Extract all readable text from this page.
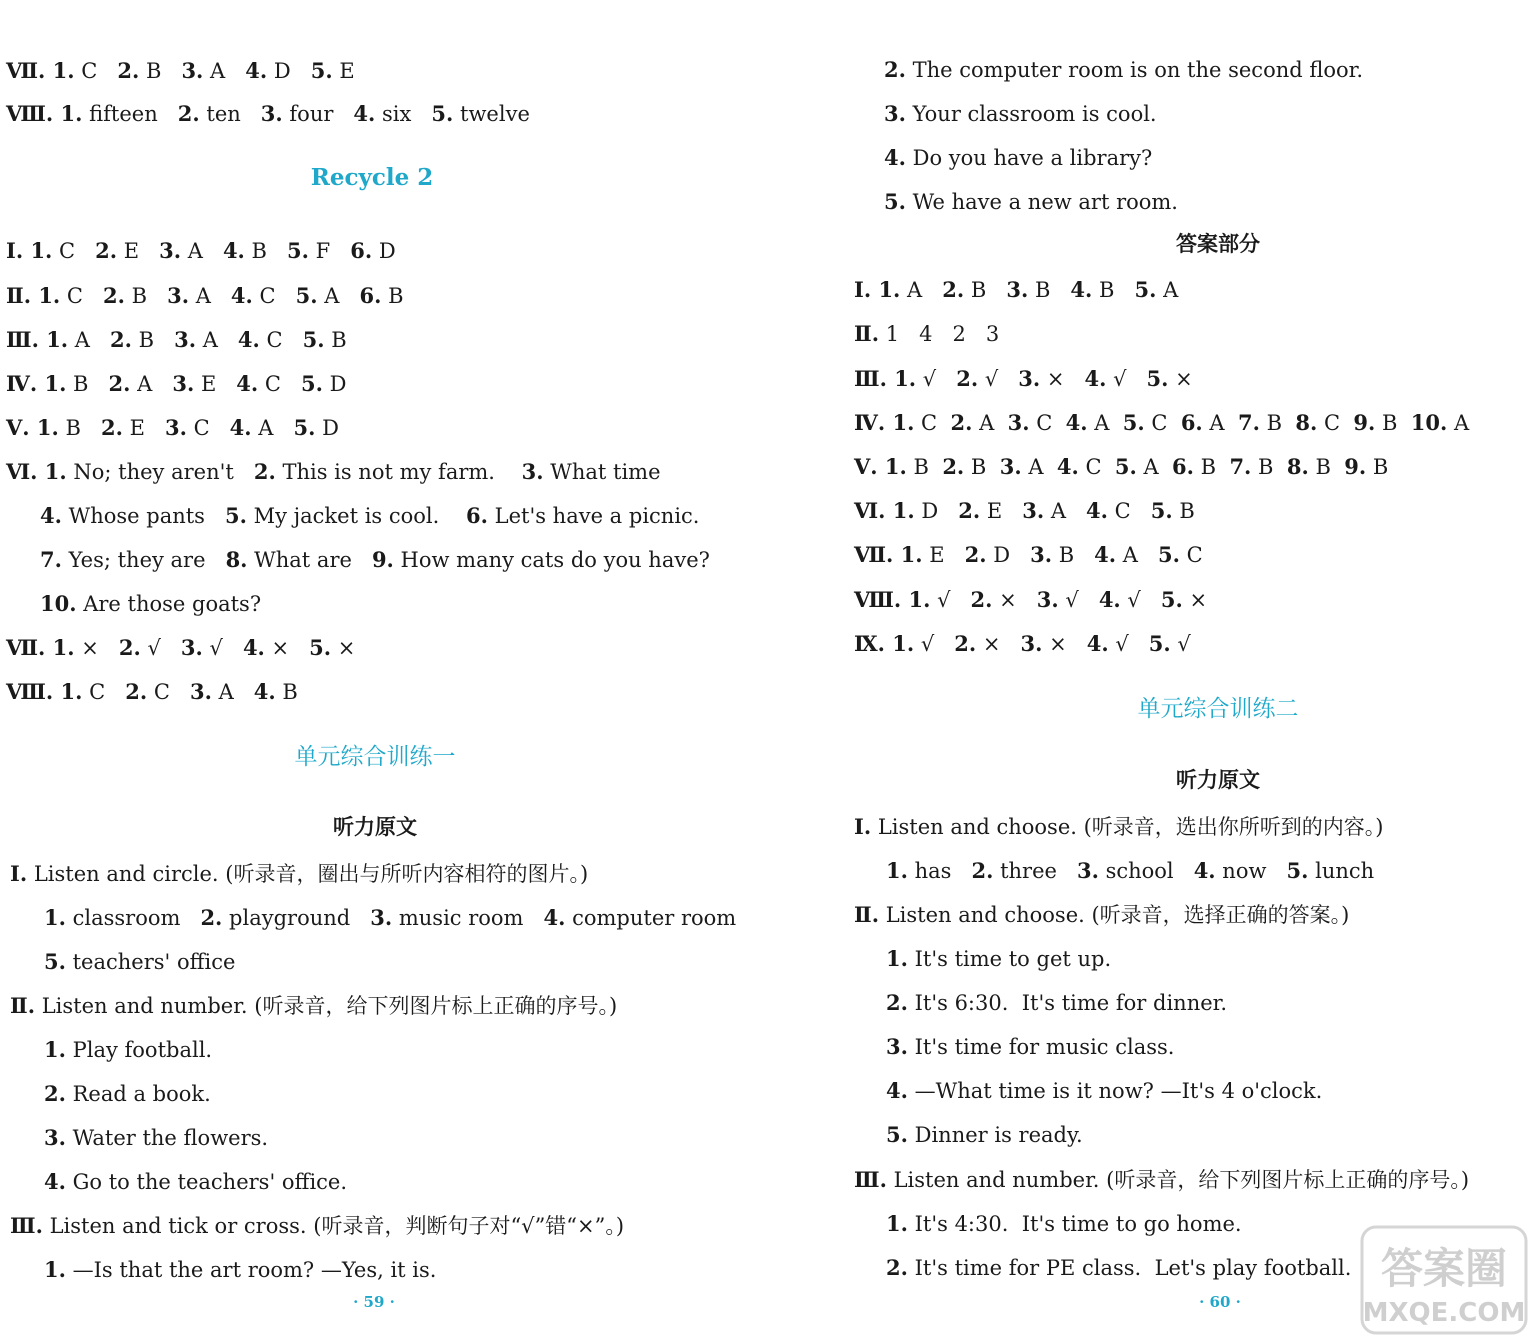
Ⅶ. 1. C   2. B   3. A   4. D   5. E
Ⅷ. 1. fifteen   2. ten   3. four   4. six   5. twelve
Ⅰ. 1. C   2. E   3. A   4. B   5. F   6. D
Ⅱ. 1. C   2. B   3. A   4. C   5. A   6. B
Ⅲ. 1. A   2. B   3. A   4. C   5. B
Ⅳ. 1. B   2. A   3. E   4. C   5. D
Ⅴ. 1. B   2. E   3. C   4. A   5. D
Ⅵ. 1. No; they aren't   2. This is not my farm.    3. What time
4. Whose pants   5. My jacket is cool.    6. Let's have a picnic.
7. Yes; they are   8. What are   9. How many cats do you have?
10. Are those goats?
Ⅶ. 1. ×   2. √   3. √   4. ×   5. ×
Ⅷ. 1. C   2. C   3. A   4. B
Ⅰ. Listen and circle. (听录音，圈出与所听内容相符的图片。)
1. classroom   2. playground   3. music room   4. computer room
5. teachers' office
Ⅱ. Listen and number. (听录音，给下列图片标上正确的序号。)
1. Play football.
2. Read a book.
3. Water the flowers.
4. Go to the teachers' office.
Ⅲ. Listen and tick or cross. (听录音，判断句子对“√”错“×”。)
1. —Is that the art room? —Yes, it is.
Recycle 2
单元综合训练一
听力原文
· 59 ·
2. The computer room is on the second floor.
3. Your classroom is cool.
4. Do you have a library?
5. We have a new art room.
Ⅰ. 1. A   2. B   3. B   4. B   5. A
Ⅱ. 1   4   2   3
Ⅲ. 1. √   2. √   3. ×   4. √   5. ×
Ⅳ. 1. C  2. A  3. C  4. A  5. C  6. A  7. B  8. C  9. B  10. A
Ⅴ. 1. B  2. B  3. A  4. C  5. A  6. B  7. B  8. B  9. B
Ⅵ. 1. D   2. E   3. A   4. C   5. B
Ⅶ. 1. E   2. D   3. B   4. A   5. C
Ⅷ. 1. √   2. ×   3. √   4. √   5. ×
Ⅸ. 1. √   2. ×   3. ×   4. √   5. √
Ⅰ. Listen and choose. (听录音，选出你所听到的内容。)
1. has   2. three   3. school   4. now   5. lunch
Ⅱ. Listen and choose. (听录音，选择正确的答案。)
1. It's time to get up.
2. It's 6:30.  It's time for dinner.
3. It's time for music class.
4. —What time is it now? —It's 4 o'clock.
5. Dinner is ready.
Ⅲ. Listen and number. (听录音，给下列图片标上正确的序号。)
1. It's 4:30.  It's time to go home.
2. It's time for PE class.  Let's play football.
答案部分
单元综合训练二
听力原文
· 60 ·
答案圈
MXQE.COM
